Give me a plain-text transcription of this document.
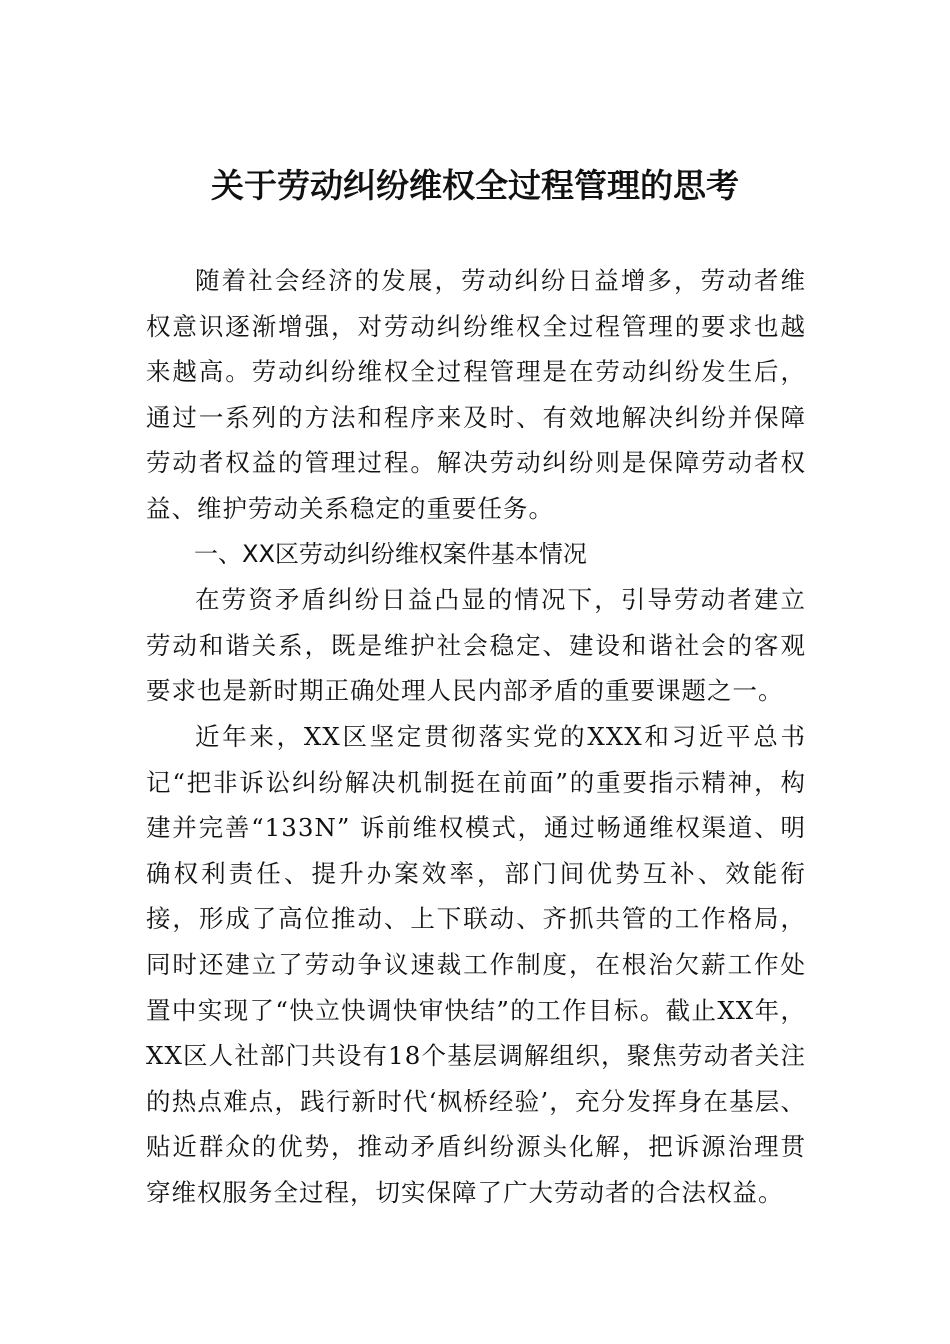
关于劳动纠纷维权全过程管理的思考

随着社会经济的发展，劳动纠纷日益增多，劳动者维权意识逐渐增强，对劳动纠纷维权全过程管理的要求也越来越高。劳动纠纷维权全过程管理是在劳动纠纷发生后，通过一系列的方法和程序来及时、有效地解决纠纷并保障劳动者权益的管理过程。解决劳动纠纷则是保障劳动者权益、维护劳动关系稳定的重要任务。

一、XX区劳动纠纷维权案件基本情况

在劳资矛盾纠纷日益凸显的情况下，引导劳动者建立劳动和谐关系，既是维护社会稳定、建设和谐社会的客观要求也是新时期正确处理人民内部矛盾的重要课题之一。

近年来，XX区坚定贯彻落实党的XXX和习近平总书记“把非诉讼纠纷解决机制挺在前面”的重要指示精神，构建并完善“133N” 诉前维权模式，通过畅通维权渠道、明确权利责任、提升办案效率，部门间优势互补、效能衔接，形成了高位推动、上下联动、齐抓共管的工作格局，同时还建立了劳动争议速裁工作制度，在根治欠薪工作处置中实现了“快立快调快审快结”的工作目标。截止XX年，XX区人社部门共设有18个基层调解组织，聚焦劳动者关注的热点难点，践行新时代‘枫桥经验’，充分发挥身在基层、贴近群众的优势，推动矛盾纠纷源头化解，把诉源治理贯穿维权服务全过程，切实保障了广大劳动者的合法权益。
